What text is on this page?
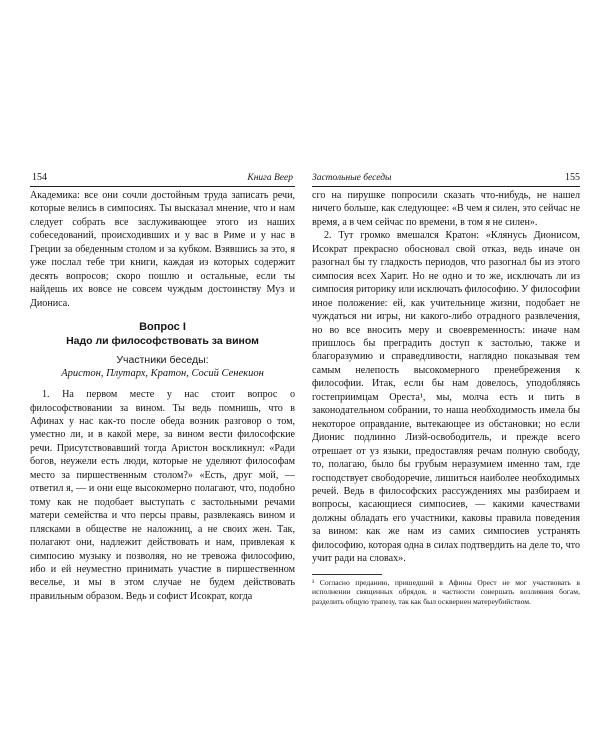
154	Книга Веер

Академика: все они сочли достойным труда записать речи, которые велись в симпосиях. Ты высказал мнение, что и нам следует собрать все заслуживающее этого из наших собеседований, происходивших и у вас в Риме и у нас в Греции за обеденным столом и за кубком. Взявшись за это, я уже послал тебе три книги, каждая из которых содержит десять вопросов; скоро пошлю и остальные, если ты найдешь их вовсе не совсем чуждым достоинству Муз и Диониса.

Вопрос I
Надо ли философствовать за вином
Участники беседы:
Аристон, Плутарх, Кратон, Сосий Сенекион

1. На первом месте у нас стоит вопрос о философствовании за вином. Ты ведь помнишь, что в Афинах у нас как-то после обеда возник разговор о том, уместно ли, и в какой мере, за вином вести философские речи. Присутствовавший тогда Аристон воскликнул: «Ради богов, неужели есть люди, которые не уделяют философам место за пиршественным столом?» «Есть, друг мой, — ответил я, — и они еще высокомерно полагают, что, подобно тому как не подобает выступать с застольными речами матери семейства и что персы правы, развлекаясь вином и плясками в обществе не наложниц, а не своих жен. Так, полагают они, надлежит действовать и нам, привлекая к симпосию музыку и позволяя, но не тревожа философию, ибо и ей неуместно принимать участие в пиршественном веселье, и мы в этом случае не будем действовать правильным образом. Ведь и софист Исократ, когда

Застольные беседы	155

сго на пирушке попросили сказать что-нибудь, не нашел ничего больше, как следующее: «В чем я силен, это сейчас не время, а в чем сейчас по времени, в том я не силен».

2. Тут громко вмешался Кратон: «Клянусь Дионисом, Исократ прекрасно обосновал свой отказ, ведь иначе он разогнал бы ту гладкость периодов, что разогнал бы из этого симпосия всех Харит. Но не одно и то же, исключать ли из симпосия риторику или исключать философию. У философии иное положение: ей, как учительнице жизни, подобает не чуждаться ни игры, ни какого-либо отрадного развлечения, но во все вносить меру и своевременность: иначе нам пришлось бы преградить доступ к застолью, также и благоразумию и справедливости, наглядно показывая тем самым нелепость высокомерного пренебрежения к философии. Итак, если бы нам довелось, уподобляясь гостеприимцам Ореста¹, мы, молча есть и пить в законодательном собрании, то наша необходимость имела бы некоторое оправдание, вытекающее из обстановки; но если Дионис подлинно Лиэй-освободитель, и прежде всего отрешает от уз языки, предоставляя речам полную свободу, то, полагаю, было бы грубым неразумием именно там, где господствует свободоречие, лишиться наиболее необходимых речей. Ведь в философских рассуждениях мы разбираем и вопросы, касающиеся симпосиев, — какими качествами должны обладать его участники, каковы правила поведения за вином: как же нам из самих симпосиев устранять философию, которая одна в силах подтвердить на деле то, что учит ради на словах».

¹ Согласно преданию, пришедший в Афины Орест не мог участвовать в исполнении священных обрядов, в частности совершать возлияния богам, разделить общую трапезу, так как был осквернен матереубийством.
